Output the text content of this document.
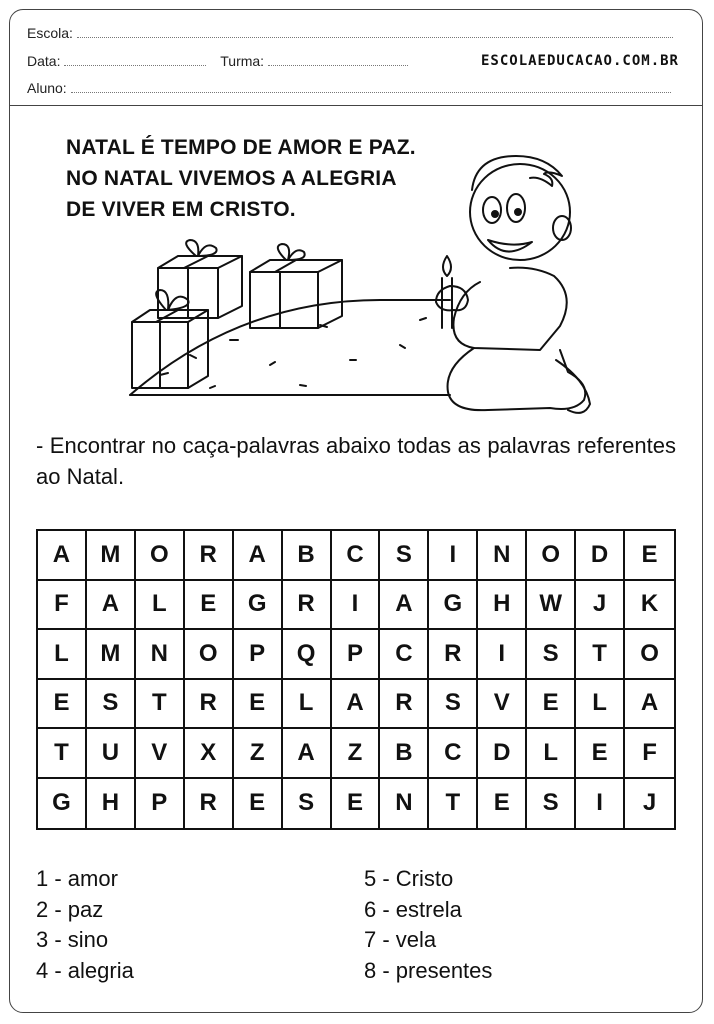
Escola:
Data:	Turma:	ESCOLAEDUCACAO.COM.BR
Aluno:
NATAL É TEMPO DE AMOR E PAZ.
NO NATAL VIVEMOS A ALEGRIA
DE VIVER EM CRISTO.
- Encontrar no caça-palavras abaixo todas as palavras referentes ao Natal.
A	M	O	R	A	B	C	S	I	N	O	D	E
F	A	L	E	G	R	I	A	G	H	W	J	K
L	M	N	O	P	Q	P	C	R	I	S	T	O
E	S	T	R	E	L	A	R	S	V	E	L	A
T	U	V	X	Z	A	Z	B	C	D	L	E	F
G	H	P	R	E	S	E	N	T	E	S	I	J
1 - amor
2 - paz
3 - sino
4 - alegria
5 - Cristo
6 - estrela
7 - vela
8 - presentes
